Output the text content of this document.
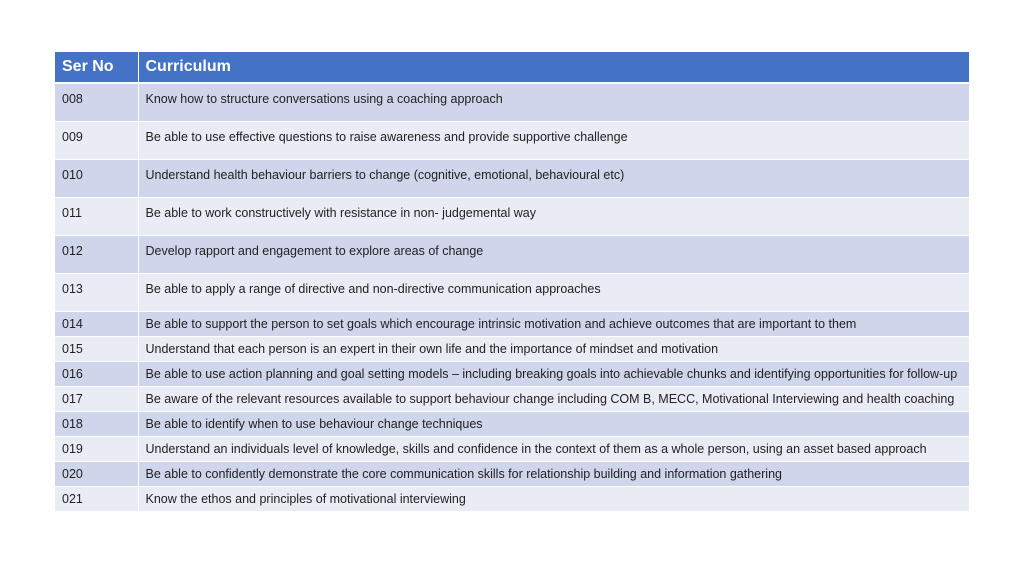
Ser No	Curriculum
008	Know how to structure conversations using a coaching approach
009	Be able to use effective questions to raise awareness and provide supportive challenge
010	Understand health behaviour barriers to change (cognitive, emotional, behavioural etc)
011	Be able to work constructively with resistance in non- judgemental way
012	Develop rapport and engagement to explore areas of change
013	Be able to apply a range of directive and non-directive communication approaches
014	Be able to support the person to set goals which encourage intrinsic motivation and achieve outcomes that are important to them
015	Understand that each person is an expert in their own life and the importance of mindset and motivation
016	Be able to use action planning and goal setting models – including breaking goals into achievable chunks and identifying opportunities for follow-up
017	Be aware of the relevant resources available to support behaviour change including COM B, MECC, Motivational Interviewing and health coaching
018	Be able to identify when to use behaviour change techniques
019	Understand an individuals level of knowledge, skills and confidence in the context of them as a whole person, using an asset based approach
020	Be able to confidently demonstrate the core communication skills for relationship building and information gathering
021	Know the ethos and principles of motivational interviewing
